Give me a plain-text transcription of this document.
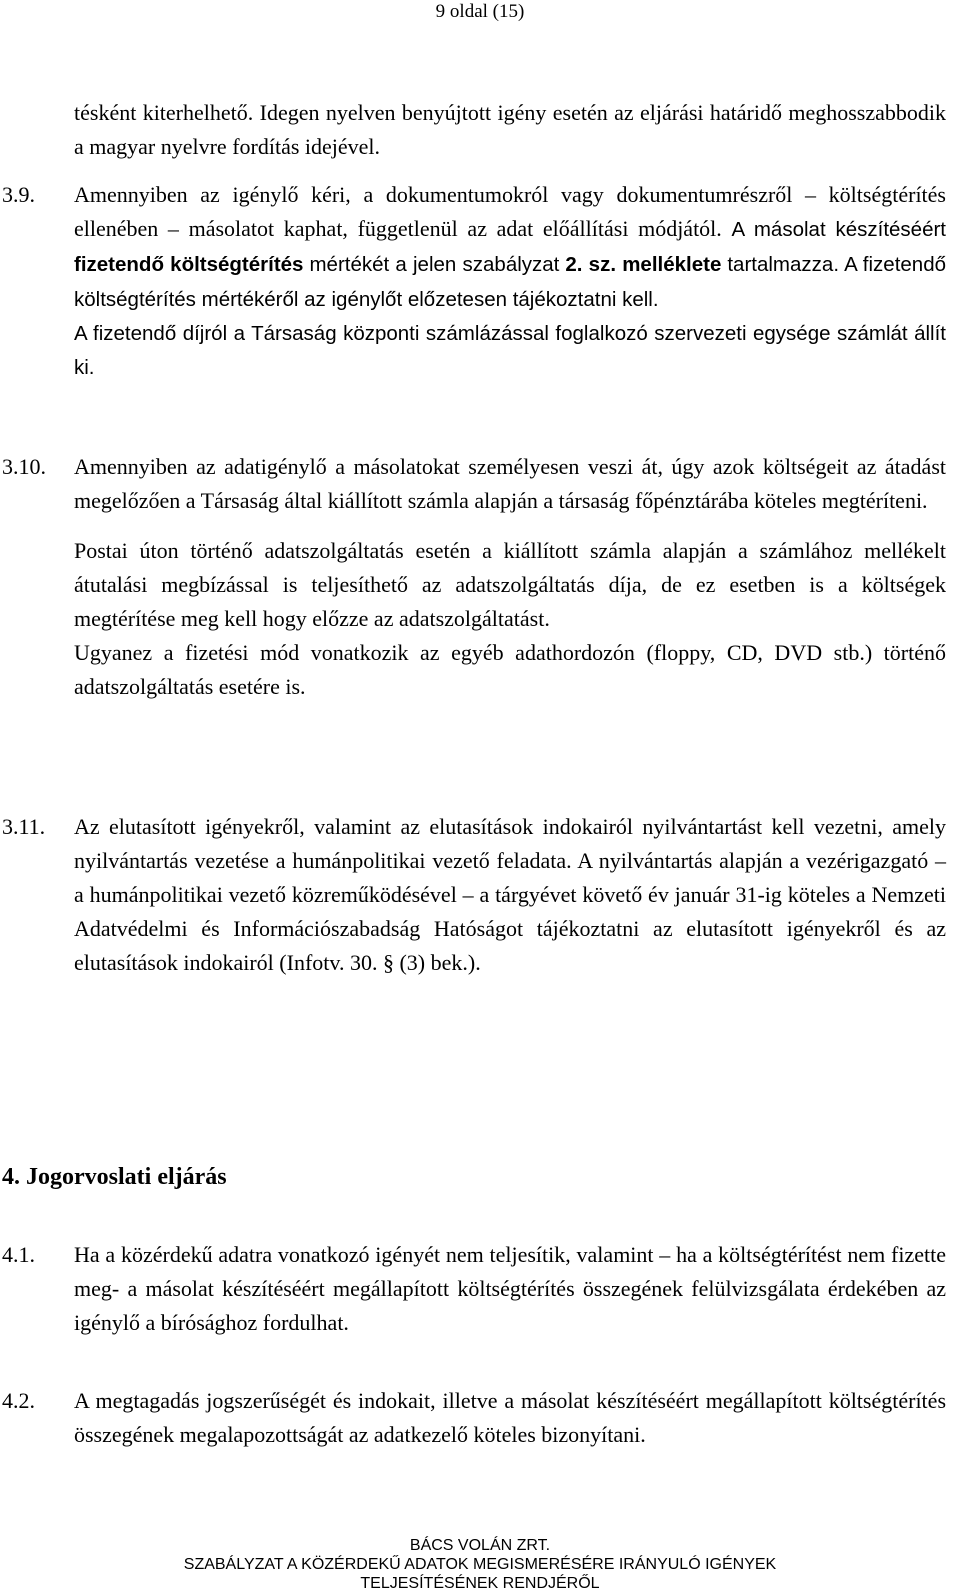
9 oldal (15)

tésként kiterhelhető. Idegen nyelven benyújtott igény esetén az eljárási határidő meghosszabbodik a magyar nyelvre fordítás idejével.

3.9. Amennyiben az igénylő kéri, a dokumentumokról vagy dokumentumrészről – költségtérítés ellenében – másolatot kaphat, függetlenül az adat előállítási módjától. A másolat készítéséért fizetendő költségtérítés mértékét a jelen szabályzat 2. sz. melléklete tartalmazza. A fizetendő költségtérítés mértékéről az igénylőt előzetesen tájékoztatni kell.
A fizetendő díjról a Társaság központi számlázással foglalkozó szervezeti egysége számlát állít ki.
3.10. Amennyiben az adatigénylő a másolatokat személyesen veszi át, úgy azok költségeit az átadást megelőzően a Társaság által kiállított számla alapján a társaság főpénztárába köteles megtéríteni.

Postai úton történő adatszolgáltatás esetén a kiállított számla alapján a számlához mellékelt átutalási megbízással is teljesíthető az adatszolgáltatás díja, de ez esetben is a költségek megtérítése meg kell hogy előzze az adatszolgáltatást.

Ugyanez a fizetési mód vonatkozik az egyéb adathordozón (floppy, CD, DVD stb.) történő adatszolgáltatás esetére is.

3.11. Az elutasított igényekről, valamint az elutasítások indokairól nyilvántartást kell vezetni, amely nyilvántartás vezetése a humánpolitikai vezető feladata. A nyilvántartás alapján a vezérigazgató – a humánpolitikai vezető közreműködésével – a tárgyévet követő év január 31-ig köteles a Nemzeti Adatvédelmi és Információszabadság Hatóságot tájékoztatni az elutasított igényekről és az elutasítások indokairól (Infotv. 30. § (3) bek.).

4. Jogorvoslati eljárás
4.1. Ha a közérdekű adatra vonatkozó igényét nem teljesítik, valamint – ha a költségtérítést nem fizette meg- a másolat készítéséért megállapított költségtérítés összegének felülvizsgálata érdekében az igénylő a bírósághoz fordulhat.

4.2. A megtagadás jogszerűségét és indokait, illetve a másolat készítéséért megállapított költségtérítés összegének megalapozottságát az adatkezelő köteles bizonyítani.

BÁCS VOLÁN ZRT.
SZABÁLYZAT A KÖZÉRDEKŰ ADATOK MEGISMERÉSÉRE IRÁNYULÓ IGÉNYEK
TELJESÍTÉSÉNEK RENDJÉRŐL
